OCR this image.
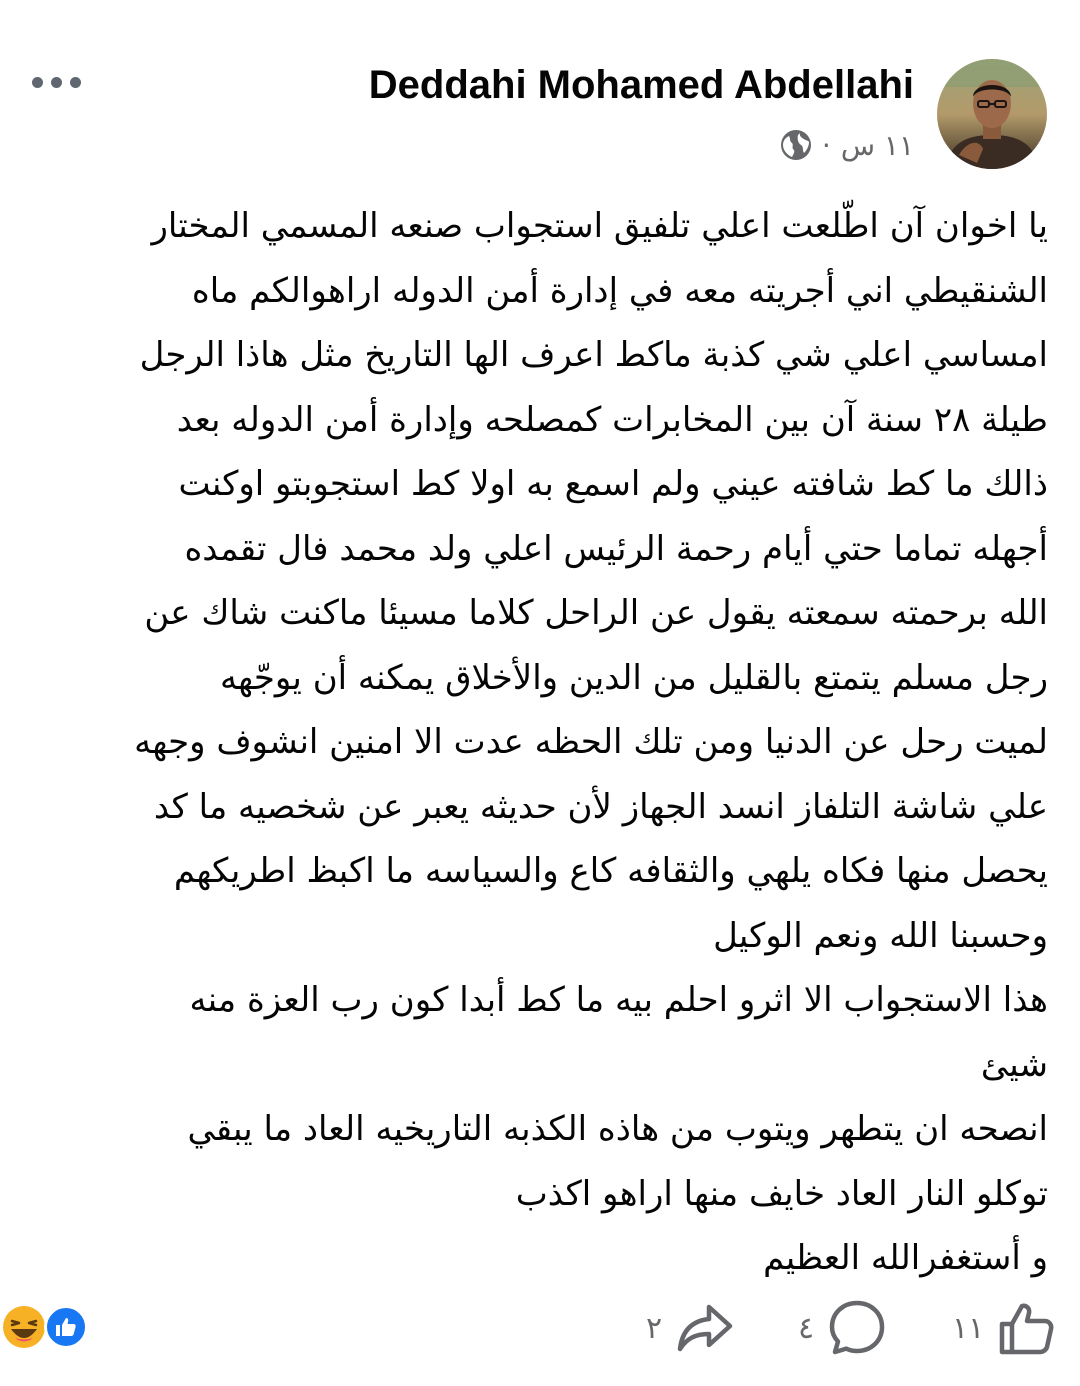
Deddahi Mohamed Abdellahi
١١ س
·
يا اخوان آن اطّلعت اعلي تلفيق استجواب صنعه المسمي المختار
الشنقيطي اني أجريته معه في إدارة أمن الدوله اراهوالكم ماه
امساسي اعلي شي كذبة ماكط اعرف الها التاريخ مثل هاذا الرجل
طيلة ٢٨ سنة آن بين المخابرات كمصلحه وإدارة أمن الدوله بعد
ذالك ما كط شافته عيني ولم اسمع به اولا كط استجوبتو اوكنت
أجهله تماما حتي أيام رحمة الرئيس اعلي ولد محمد فال تقمده
الله برحمته سمعته يقول عن الراحل كلاما مسيئا ماكنت شاك عن
رجل مسلم يتمتع بالقليل من الدين والأخلاق يمكنه أن يوجّهه
لميت رحل عن الدنيا ومن تلك الحظه عدت الا امنين انشوف وجهه
علي شاشة التلفاز انسد الجهاز لأن حديثه يعبر عن شخصيه ما كد
يحصل منها فكاه يلهي والثقافه كاع والسياسه ما اكبظ اطريكهم
وحسبنا الله ونعم الوكيل
هذا الاستجواب الا اثرو احلم بيه ما كط أبدا كون رب العزة منه
شيئ
انصحه ان يتطهر ويتوب من هاذه الكذبه التاريخيه العاد ما يبقي
توكلو النار العاد خايف منها اراهو اكذب
و أستغفرالله العظيم
٢	٤	١١
